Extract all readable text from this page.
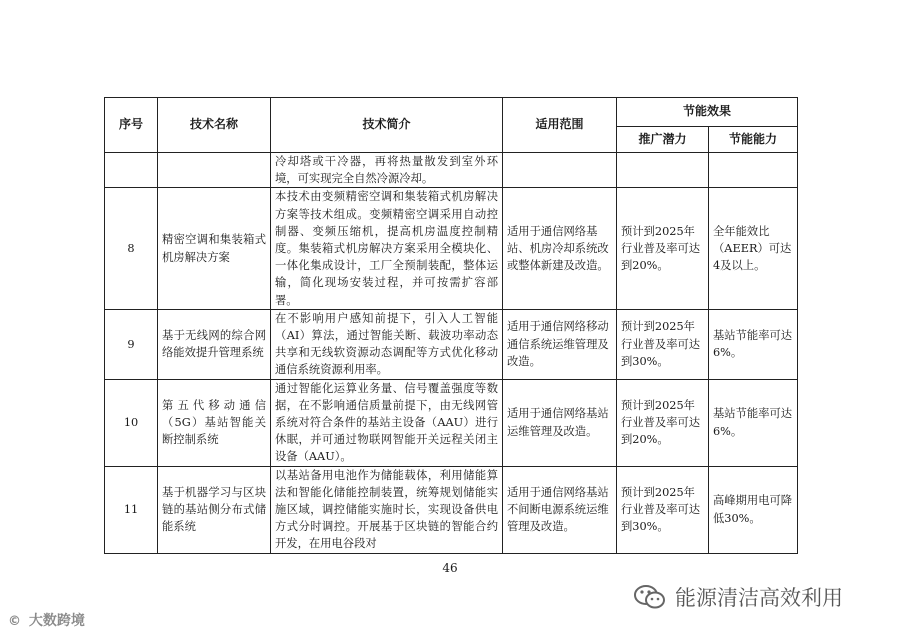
序号	技术名称	技术简介	适用范围	节能效果	
				推广潜力	节能能力
		冷却塔或干冷器，再将热量散发到室外环境，可实现完全自然冷源冷却。			
8	精密空调和集装箱式机房解决方案	本技术由变频精密空调和集装箱式机房解决方案等技术组成。变频精密空调采用自动控制器、变频压缩机，提高机房温度控制精度。集装箱式机房解决方案采用全模块化、一体化集成设计，工厂全预制装配，整体运输，简化现场安装过程，并可按需扩容部署。	适用于通信网络基站、机房冷却系统改或整体新建及改造。	预计到2025年行业普及率可达到20%。	全年能效比（AEER）可达4及以上。
9	基于无线网的综合网络能效提升管理系统	在不影响用户感知前提下，引入人工智能（AI）算法，通过智能关断、载波功率动态共享和无线软资源动态调配等方式优化移动通信系统资源利用率。	适用于通信网络移动通信系统运维管理及改造。	预计到2025年行业普及率可达到30%。	基站节能率可达6%。
10	第五代移动通信（5G）基站智能关断控制系统	通过智能化运算业务量、信号覆盖强度等数据，在不影响通信质量前提下，由无线网管系统对符合条件的基站主设备（AAU）进行休眠，并可通过物联网智能开关远程关闭主设备（AAU）。	适用于通信网络基站运维管理及改造。	预计到2025年行业普及率可达到20%。	基站节能率可达6%。
11	基于机器学习与区块链的基站侧分布式储能系统	以基站备用电池作为储能载体，利用储能算法和智能化储能控制装置，统筹规划储能实施区域，调控储能实施时长，实现设备供电方式分时调控。开展基于区块链的智能合约开发，在用电谷段对	适用于通信网络基站不间断电源系统运维管理及改造。	预计到2025年行业普及率可达到30%。	高峰期用电可降低30%。
46
能源清洁高效利用
© 大数跨境
